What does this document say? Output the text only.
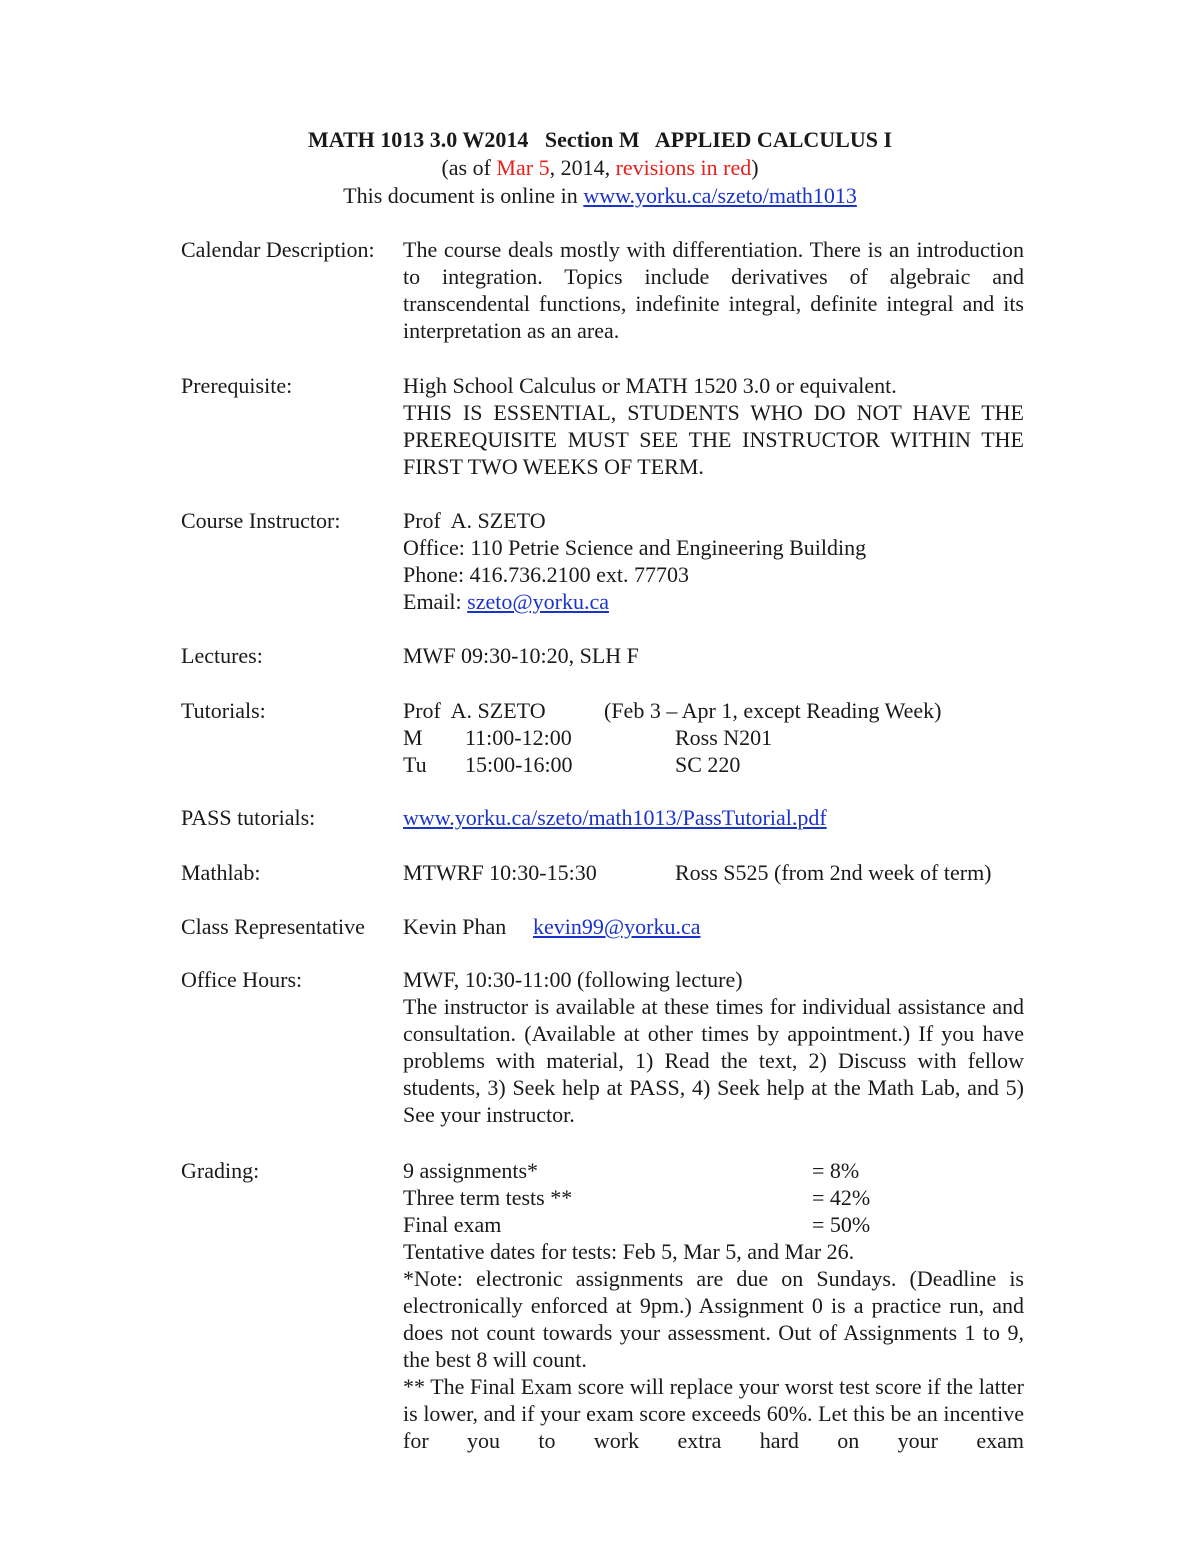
MATH 1013 3.0 W2014   Section M   APPLIED CALCULUS I
(as of Mar 5, 2014, revisions in red)
This document is online in www.yorku.ca/szeto/math1013
Calendar Description: The course deals mostly with differentiation. There is an introduction to integration. Topics include derivatives of algebraic and transcendental functions, indefinite integral, definite integral and its interpretation as an area.
Prerequisite:	High School Calculus or MATH 1520 3.0 or equivalent.
THIS IS ESSENTIAL, STUDENTS WHO DO NOT HAVE THE PREREQUISITE MUST SEE THE INSTRUCTOR WITHIN THE FIRST TWO WEEKS OF TERM.
Course Instructor:	Prof  A. SZETO
Office: 110 Petrie Science and Engineering Building
Phone: 416.736.2100 ext. 77703
Email: szeto@yorku.ca
Lectures:	MWF 09:30-10:20, SLH F
Tutorials:	Prof  A. SZETO	(Feb 3 – Apr 1, except Reading Week)
M 11:00-12:00	Ross N201
Tu 15:00-16:00	SC 220
PASS tutorials:	www.yorku.ca/szeto/math1013/PassTutorial.pdf
Mathlab:	MTWRF 10:30-15:30	Ross S525 (from 2nd week of term)
Class Representative Kevin Phan kevin99@yorku.ca
Office Hours:	MWF, 10:30-11:00 (following lecture)
The instructor is available at these times for individual assistance and consultation. (Available at other times by appointment.) If you have problems with material, 1) Read the text, 2) Discuss with fellow students, 3) Seek help at PASS, 4) Seek help at the Math Lab, and 5) See your instructor.
Grading:	9 assignments*	= 8%
Three term tests **	= 42%
Final exam	= 50%
Tentative dates for tests: Feb 5, Mar 5, and Mar 26.
*Note: electronic assignments are due on Sundays. (Deadline is electronically enforced at 9pm.) Assignment 0 is a practice run, and does not count towards your assessment. Out of Assignments 1 to 9, the best 8 will count.
** The Final Exam score will replace your worst test score if the latter is lower, and if your exam score exceeds 60%. Let this be an incentive for you to work extra hard on your exam
